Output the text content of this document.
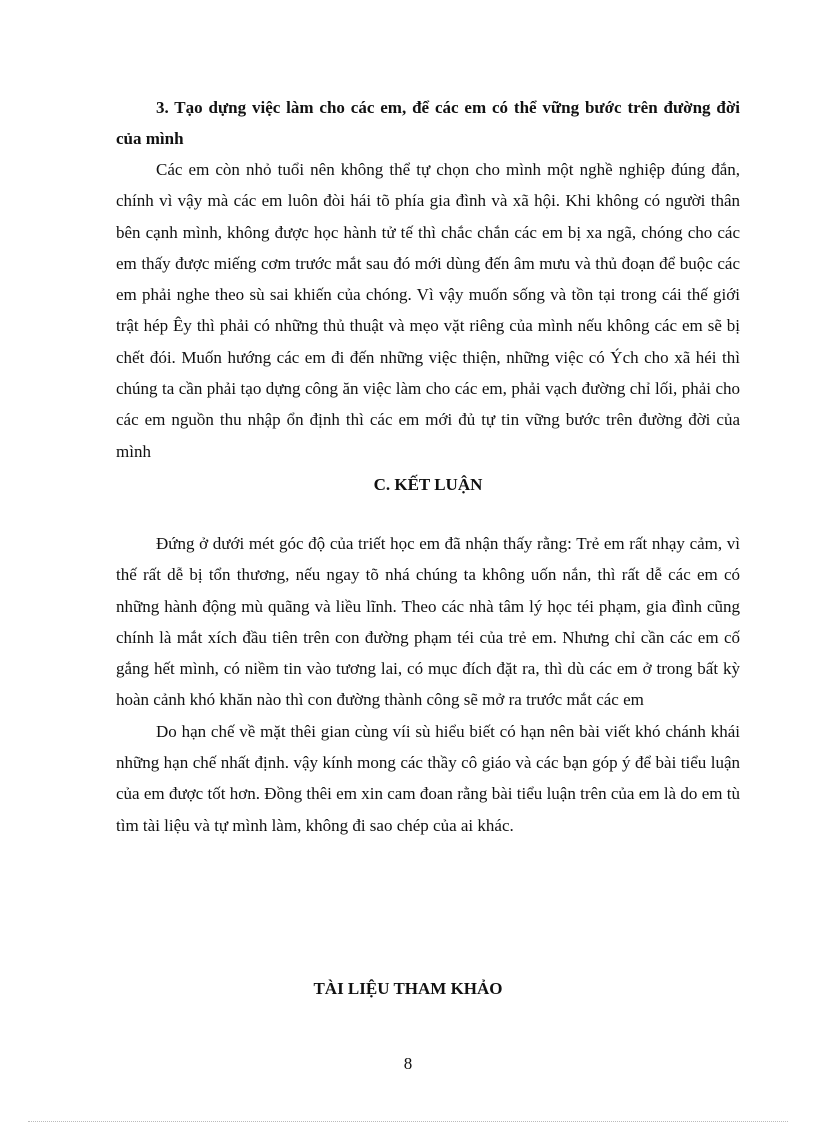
3. Tạo dựng việc làm cho các em, để các em có thể vững bước trên đường đời của mình

Các em còn nhỏ tuổi nên không thể tự chọn cho mình một nghề nghiệp đúng đắn, chính vì vậy mà các em luôn đòi hái tõ phía gia đình và xã hội. Khi không có người thân bên cạnh mình, không được học hành tử tế thì chắc chắn các em bị xa ngã, chóng cho các em thấy được miếng cơm trước mắt sau đó mới dùng đến âm mưu và thủ đoạn để buộc các em phải nghe theo sù sai khiến của chóng. Vì vậy muốn sống và tồn tại trong cái thế giới trật hép Êy thì phải có những thủ thuật và mẹo vặt riêng của mình nếu không các em sẽ bị chết đói. Muốn hướng các em đi đến những việc thiện, những việc có Ých cho xã héi thì chúng ta cần phải tạo dựng công ăn việc làm cho các em, phải vạch đường chỉ lối, phải cho các em nguồn thu nhập ổn định thì các em mới đủ tự tin vững bước trên đường đời của mình

C. KẾT LUẬN

Đứng ở dưới mét góc độ của triết học em đã nhận thấy rằng: Trẻ em rất nhạy cảm, vì thế rất dễ bị tổn thương, nếu ngay tõ nhá chúng ta không uốn nắn, thì rất dễ các em có những hành động mù quãng và liều lĩnh. Theo các nhà tâm lý học téi phạm, gia đình cũng chính là mắt xích đầu tiên trên con đường phạm téi của trẻ em. Nhưng chỉ cần các em cố gắng hết mình, có niềm tin vào tương lai, có mục đích đặt ra, thì dù các em ở trong bất kỳ hoàn cảnh khó khăn nào thì con đường thành công sẽ mở ra trước mắt các em

Do hạn chế về mặt thêi gian cùng víi sù hiểu biết có hạn nên bài viết khó chánh khái những hạn chế nhất định. vậy kính mong các thầy cô giáo và các bạn góp ý để bài tiểu luận của em được tốt hơn. Đồng thêi em xin cam đoan rằng bài tiểu luận trên của em là do em tù tìm tài liệu và tự mình làm, không đi sao chép của ai khác.

TÀI LIỆU THAM KHẢO

8
